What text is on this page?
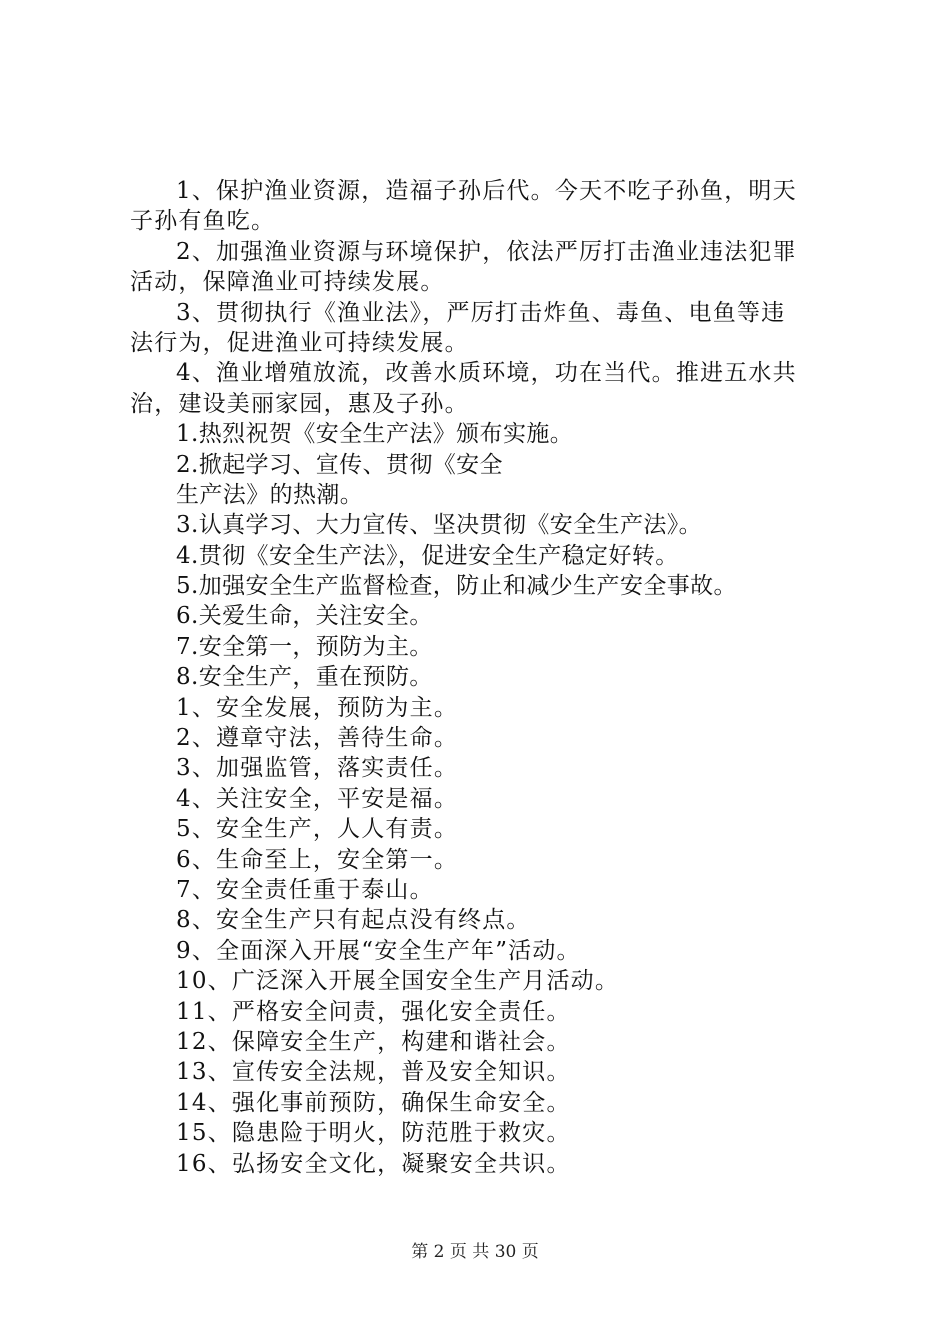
1、保护渔业资源，造福子孙后代。今天不吃子孙鱼，明天
子孙有鱼吃。
2、加强渔业资源与环境保护，依法严厉打击渔业违法犯罪
活动，保障渔业可持续发展。
3、贯彻执行《渔业法》，严厉打击炸鱼、毒鱼、电鱼等违
法行为，促进渔业可持续发展。
4、渔业增殖放流，改善水质环境，功在当代。推进五水共
治，建设美丽家园，惠及子孙。
1.热烈祝贺《安全生产法》颁布实施。
2.掀起学习、宣传、贯彻《安全
生产法》的热潮。
3.认真学习、大力宣传、坚决贯彻《安全生产法》。
4.贯彻《安全生产法》，促进安全生产稳定好转。
5.加强安全生产监督检查，防止和减少生产安全事故。
6.关爱生命，关注安全。
7.安全第一，预防为主。
8.安全生产，重在预防。
1、安全发展，预防为主。
2、遵章守法，善待生命。
3、加强监管，落实责任。
4、关注安全，平安是福。
5、安全生产，人人有责。
6、生命至上，安全第一。
7、安全责任重于泰山。
8、安全生产只有起点没有终点。
9、全面深入开展“安全生产年”活动。
10、广泛深入开展全国安全生产月活动。
11、严格安全问责，强化安全责任。
12、保障安全生产，构建和谐社会。
13、宣传安全法规，普及安全知识。
14、强化事前预防，确保生命安全。
15、隐患险于明火，防范胜于救灾。
16、弘扬安全文化，凝聚安全共识。
第 2 页 共 30 页
